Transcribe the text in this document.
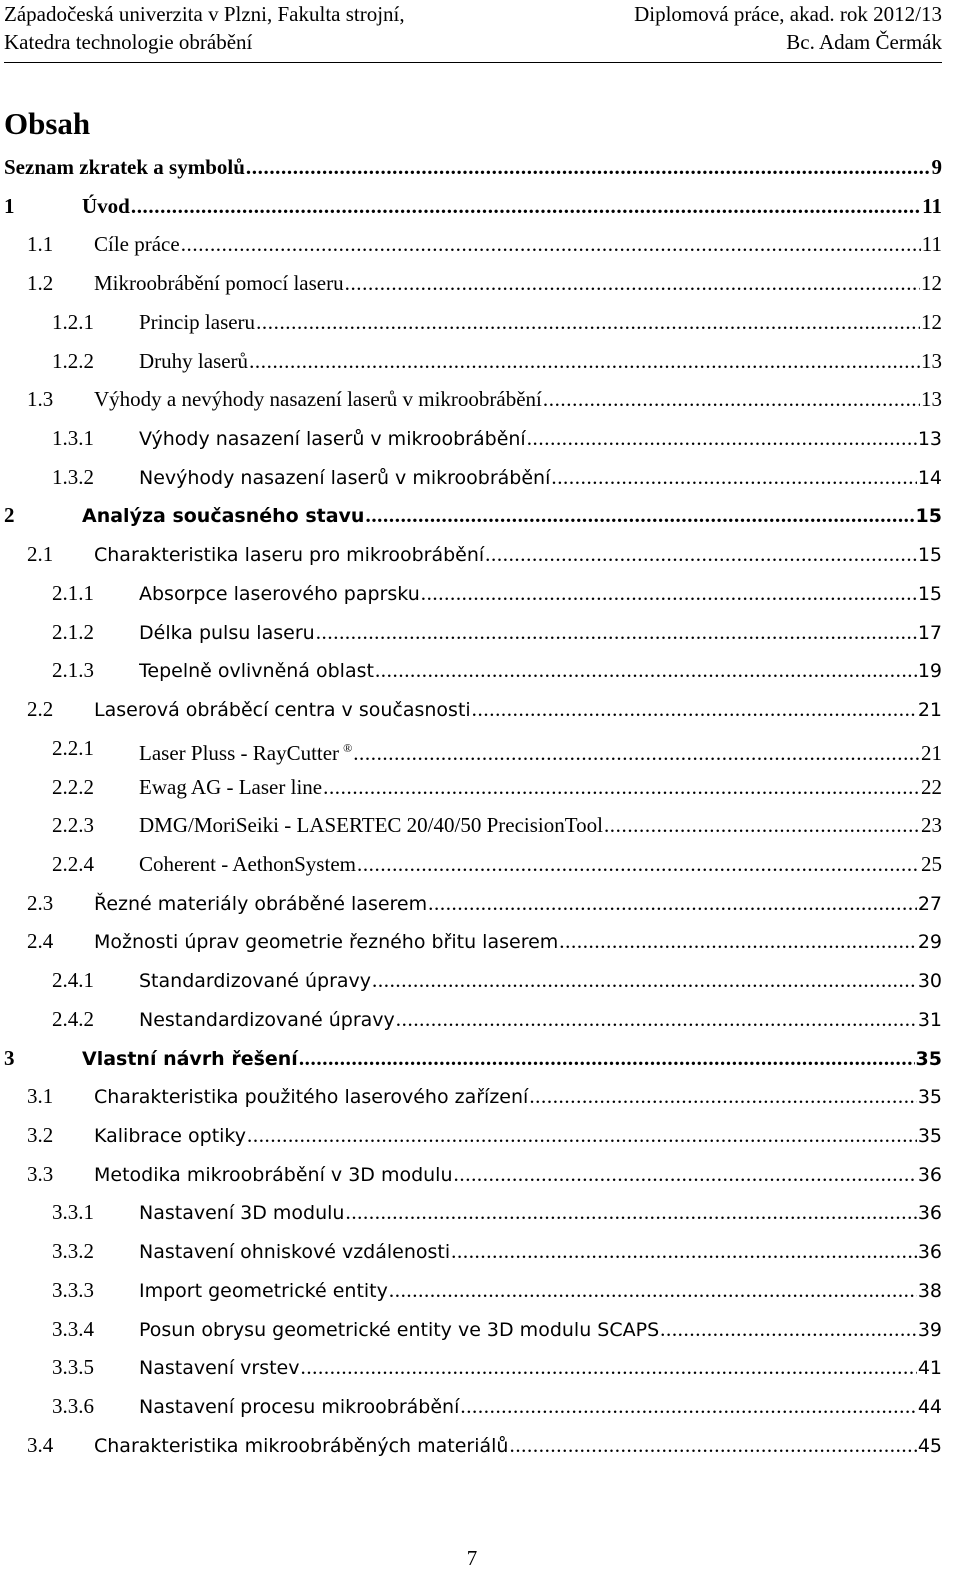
Západočeská univerzita v Plzni, Fakulta strojní,	Diplomová práce, akad. rok 2012/13
Katedra technologie obrábění	Bc. Adam Čermák
Obsah
Seznam zkratek a symbolů .....	9
1	Úvod .....	11
1.1 Cíle práce .....	11
1.2 Mikroobrábění pomocí laseru .....	12
1.2.1 Princip laseru .....	12
1.2.2 Druhy laserů .....	13
1.3 Výhody a nevýhody nasazení laserů v mikroobrábění .....	13
1.3.1 Výhody nasazení laserů v mikroobrábění .....	13
1.3.2 Nevýhody nasazení laserů v mikroobrábění .....	14
2	Analýza současného stavu .....	15
2.1 Charakteristika laseru pro mikroobrábění .....	15
2.1.1 Absorpce laserového paprsku .....	15
2.1.2 Délka pulsu laseru .....	17
2.1.3 Tepelně ovlivněná oblast .....	19
2.2 Laserová obráběcí centra v současnosti .....	21
2.2.1 Laser Pluss - RayCutter ® .....	21
2.2.2 Ewag AG - Laser line .....	22
2.2.3 DMG/MoriSeiki - LASERTEC 20/40/50 PrecisionTool .....	23
2.2.4 Coherent - AethonSystem .....	25
2.3 Řezné materiály obráběné laserem .....	27
2.4 Možnosti úprav geometrie řezného břitu laserem .....	29
2.4.1 Standardizované úpravy .....	30
2.4.2 Nestandardizované úpravy .....	31
3	Vlastní návrh řešení .....	35
3.1 Charakteristika použitého laserového zařízení .....	35
3.2 Kalibrace optiky .....	35
3.3 Metodika mikroobrábění v 3D modulu .....	36
3.3.1 Nastavení 3D modulu .....	36
3.3.2 Nastavení ohniskové vzdálenosti .....	36
3.3.3 Import geometrické entity .....	38
3.3.4 Posun obrysu geometrické entity ve 3D modulu SCAPS .....	39
3.3.5 Nastavení vrstev .....	41
3.3.6 Nastavení procesu mikroobrábění .....	44
3.4 Charakteristika mikroobráběných materiálů .....	45
7
